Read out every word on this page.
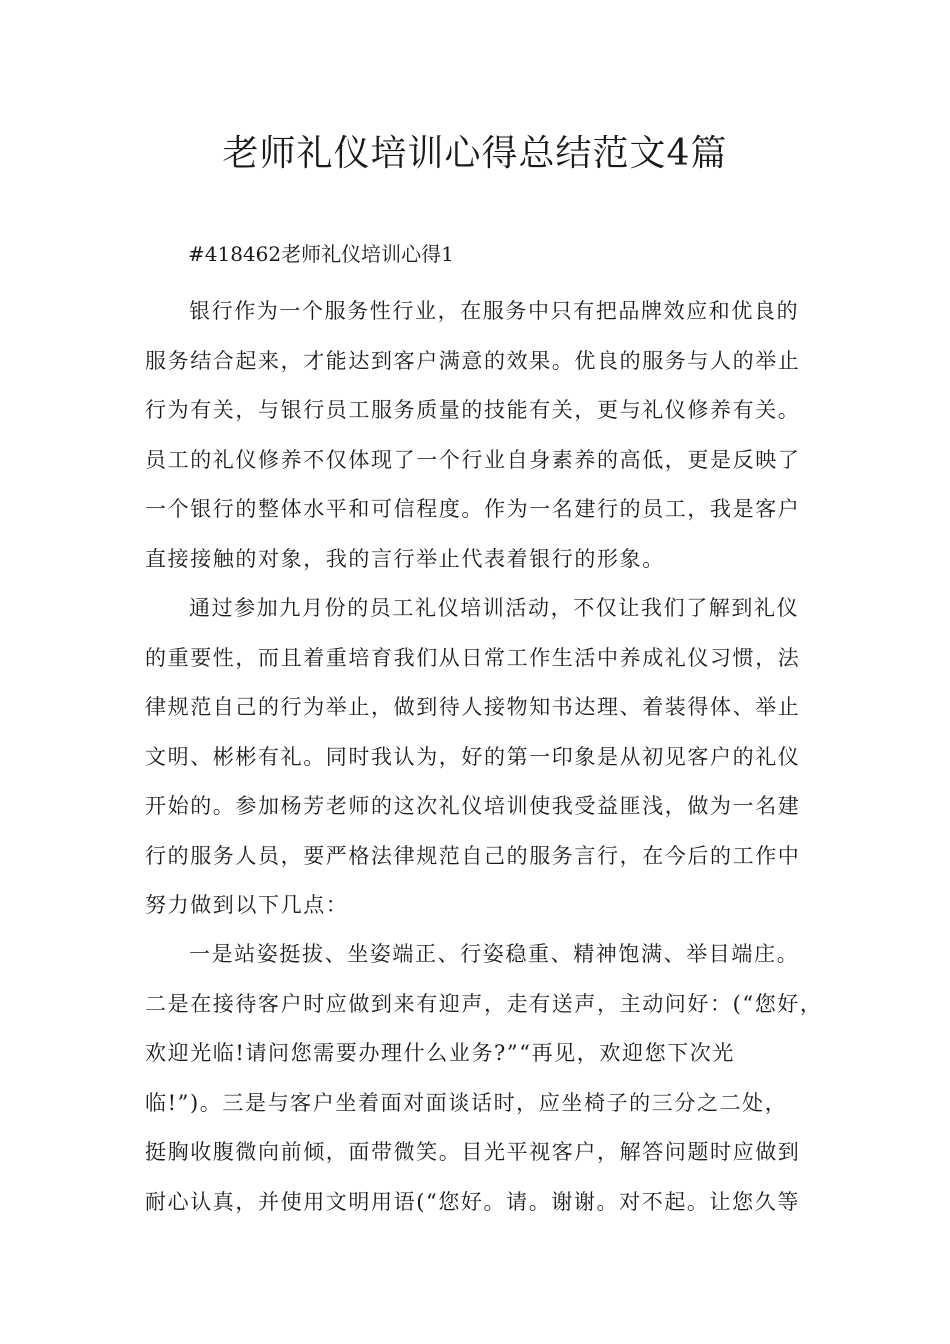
老师礼仪培训心得总结范文4篇

#418462老师礼仪培训心得1

银行作为一个服务性行业，在服务中只有把品牌效应和优良的
服务结合起来，才能达到客户满意的效果。优良的服务与人的举止
行为有关，与银行员工服务质量的技能有关，更与礼仪修养有关。
员工的礼仪修养不仅体现了一个行业自身素养的高低，更是反映了
一个银行的整体水平和可信程度。作为一名建行的员工，我是客户
直接接触的对象，我的言行举止代表着银行的形象。
通过参加九月份的员工礼仪培训活动，不仅让我们了解到礼仪
的重要性，而且着重培育我们从日常工作生活中养成礼仪习惯，法
律规范自己的行为举止，做到待人接物知书达理、着装得体、举止
文明、彬彬有礼。同时我认为，好的第一印象是从初见客户的礼仪
开始的。参加杨芳老师的这次礼仪培训使我受益匪浅，做为一名建
行的服务人员，要严格法律规范自己的服务言行，在今后的工作中
努力做到以下几点：
一是站姿挺拔、坐姿端正、行姿稳重、精神饱满、举目端庄。
二是在接待客户时应做到来有迎声，走有送声，主动问好：(“您好，
欢迎光临!请问您需要办理什么业务?”“再见，欢迎您下次光
临!”)。三是与客户坐着面对面谈话时，应坐椅子的三分之二处，
挺胸收腹微向前倾，面带微笑。目光平视客户，解答问题时应做到
耐心认真，并使用文明用语(“您好。请。谢谢。对不起。让您久等
